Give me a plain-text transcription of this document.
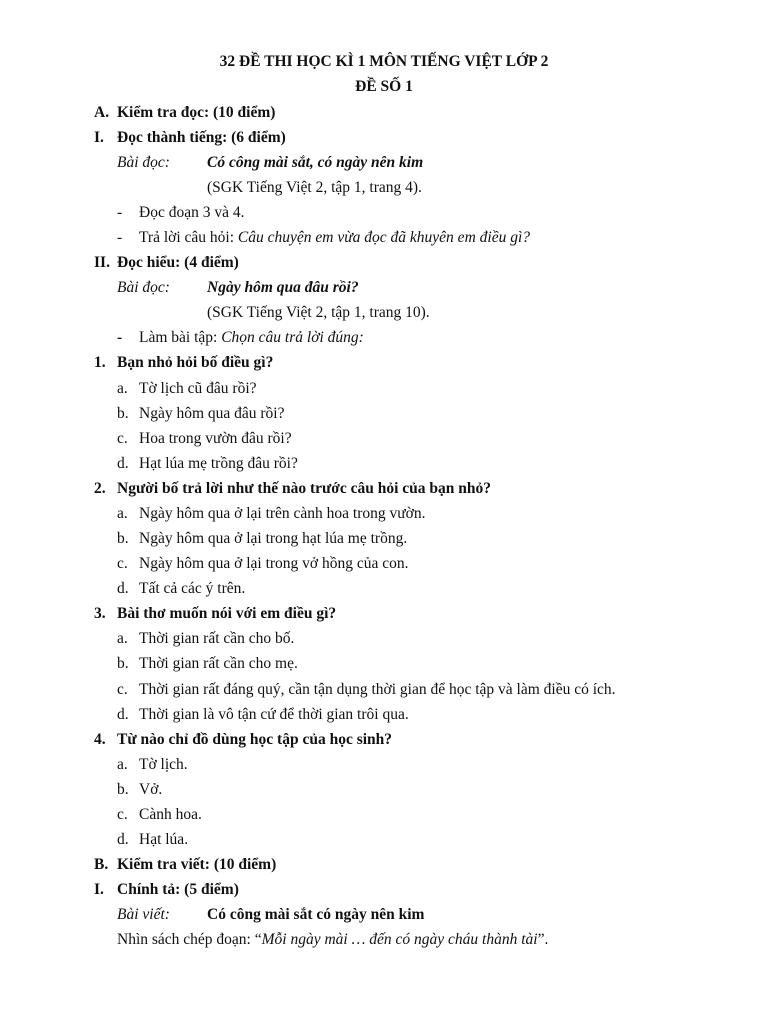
32 ĐỀ THI HỌC KÌ 1 MÔN TIẾNG VIỆT LỚP 2
ĐỀ SỐ 1
A. Kiểm tra đọc: (10 điểm)
I. Đọc thành tiếng: (6 điểm)
Bài đọc: Có công mài sắt, có ngày nên kim
(SGK Tiếng Việt 2, tập 1, trang 4).
- Đọc đoạn 3 và 4.
- Trả lời câu hỏi: Câu chuyện em vừa đọc đã khuyên em điều gì?
II. Đọc hiểu: (4 điểm)
Bài đọc: Ngày hôm qua đâu rồi?
(SGK Tiếng Việt 2, tập 1, trang 10).
- Làm bài tập: Chọn câu trả lời đúng:
1. Bạn nhỏ hỏi bố điều gì?
a. Tờ lịch cũ đâu rồi?
b. Ngày hôm qua đâu rồi?
c. Hoa trong vườn đâu rồi?
d. Hạt lúa mẹ trồng đâu rồi?
2. Người bố trả lời như thế nào trước câu hỏi của bạn nhỏ?
a. Ngày hôm qua ở lại trên cành hoa trong vườn.
b. Ngày hôm qua ở lại trong hạt lúa mẹ trồng.
c. Ngày hôm qua ở lại trong vở hồng của con.
d. Tất cả các ý trên.
3. Bài thơ muốn nói với em điều gì?
a. Thời gian rất cần cho bố.
b. Thời gian rất cần cho mẹ.
c. Thời gian rất đáng quý, cần tận dụng thời gian để học tập và làm điều có ích.
d. Thời gian là vô tận cứ để thời gian trôi qua.
4. Từ nào chỉ đồ dùng học tập của học sinh?
a. Tờ lịch.
b. Vở.
c. Cành hoa.
d. Hạt lúa.
B. Kiểm tra viết: (10 điểm)
I. Chính tả: (5 điểm)
Bài viết: Có công mài sắt có ngày nên kim
Nhìn sách chép đoạn: “Mỗi ngày mài … đến có ngày cháu thành tài”.
